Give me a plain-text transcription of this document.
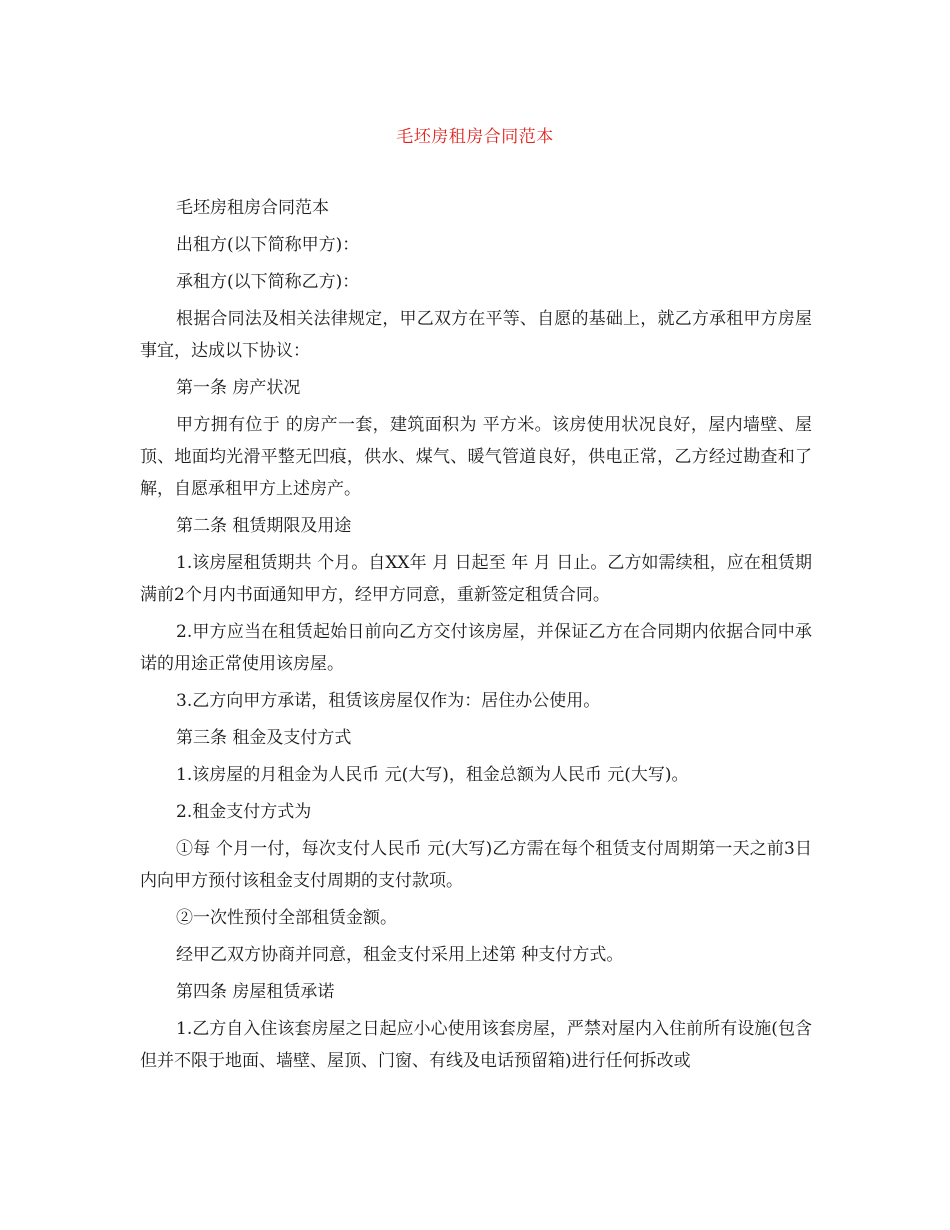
毛坯房租房合同范本

毛坯房租房合同范本

出租方(以下简称甲方)：

承租方(以下简称乙方)：

根据合同法及相关法律规定，甲乙双方在平等、自愿的基础上，就乙方承租甲方房屋事宜，达成以下协议：

第一条 房产状况

甲方拥有位于 的房产一套，建筑面积为 平方米。该房使用状况良好，屋内墙壁、屋顶、地面均光滑平整无凹痕，供水、煤气、暖气管道良好，供电正常，乙方经过勘查和了解，自愿承租甲方上述房产。

第二条 租赁期限及用途

1.该房屋租赁期共 个月。自XX年 月 日起至 年 月 日止。乙方如需续租，应在租赁期满前2个月内书面通知甲方，经甲方同意，重新签定租赁合同。

2.甲方应当在租赁起始日前向乙方交付该房屋，并保证乙方在合同期内依据合同中承诺的用途正常使用该房屋。

3.乙方向甲方承诺，租赁该房屋仅作为：居住办公使用。

第三条 租金及支付方式

1.该房屋的月租金为人民币 元(大写)，租金总额为人民币 元(大写)。

2.租金支付方式为

①每 个月一付，每次支付人民币 元(大写)乙方需在每个租赁支付周期第一天之前3日内向甲方预付该租金支付周期的支付款项。

②一次性预付全部租赁金额。

经甲乙双方协商并同意，租金支付采用上述第 种支付方式。

第四条 房屋租赁承诺

1.乙方自入住该套房屋之日起应小心使用该套房屋，严禁对屋内入住前所有设施(包含但并不限于地面、墙壁、屋顶、门窗、有线及电话预留箱)进行任何拆改或
